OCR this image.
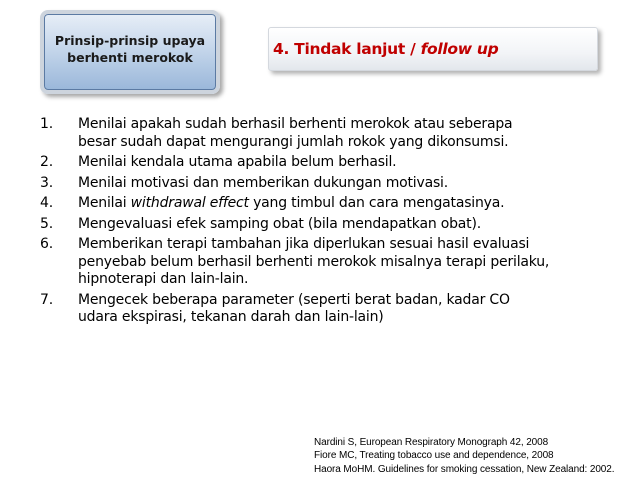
Prinsip-prinsip upaya
berhenti merokok	4. Tindak lanjut / follow up
1.	Menilai apakah sudah berhasil berhenti merokok atau seberapa
besar sudah dapat mengurangi jumlah rokok yang dikonsumsi.
2.	Menilai kendala utama apabila belum berhasil.
3.	Menilai motivasi dan memberikan dukungan motivasi.
4.	Menilai withdrawal effect yang timbul dan cara mengatasinya.
5.	Mengevaluasi efek samping obat (bila mendapatkan obat).
6.	Memberikan terapi tambahan jika diperlukan sesuai hasil evaluasi
penyebab belum berhasil berhenti merokok misalnya terapi perilaku,
hipnoterapi dan lain-lain.
7.	Mengecek beberapa parameter (seperti berat badan, kadar CO
udara ekspirasi, tekanan darah dan lain-lain)
Nardini S, European Respiratory Monograph 42, 2008
Fiore MC, Treating tobacco use and dependence, 2008
Haora MoHM. Guidelines for smoking cessation, New Zealand: 2002.
